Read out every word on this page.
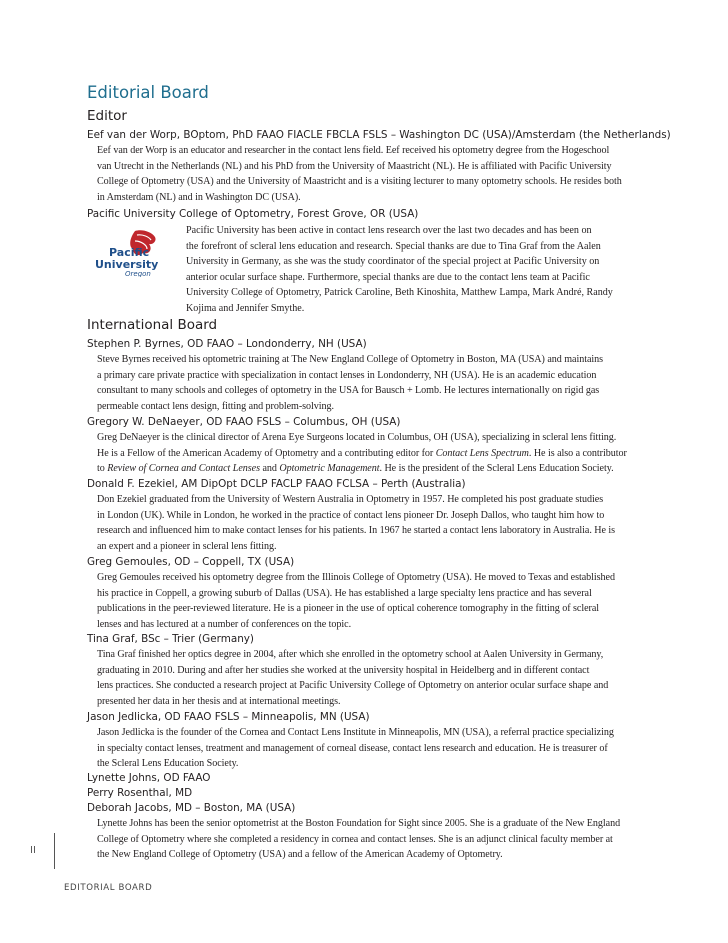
Editorial Board
Editor
Eef van der Worp, BOptom, PhD FAAO FIACLE FBCLA FSLS – Washington DC (USA)/Amsterdam (the Netherlands)
Eef van der Worp is an educator and researcher in the contact lens field. Eef received his optometry degree from the Hogeschool
van Utrecht in the Netherlands (NL) and his PhD from the University of Maastricht (NL). He is affiliated with Pacific University
College of Optometry (USA) and the University of Maastricht and is a visiting lecturer to many optometry schools. He resides both
in Amsterdam (NL) and in Washington DC (USA).
Pacific University College of Optometry, Forest Grove, OR (USA)
Pacific
University
Oregon
Pacific University has been active in contact lens research over the last two decades and has been on
the forefront of scleral lens education and research. Special thanks are due to Tina Graf from the Aalen
University in Germany, as she was the study coordinator of the special project at Pacific University on
anterior ocular surface shape. Furthermore, special thanks are due to the contact lens team at Pacific
University College of Optometry, Patrick Caroline, Beth Kinoshita, Matthew Lampa, Mark André, Randy
Kojima and Jennifer Smythe.
International Board
Stephen P. Byrnes, OD FAAO – Londonderry, NH (USA)
Steve Byrnes received his optometric training at The New England College of Optometry in Boston, MA (USA) and maintains
a primary care private practice with specialization in contact lenses in Londonderry, NH (USA). He is an academic education
consultant to many schools and colleges of optometry in the USA for Bausch + Lomb. He lectures internationally on rigid gas
permeable contact lens design, fitting and problem-solving.
Gregory W. DeNaeyer, OD FAAO FSLS – Columbus, OH (USA)
Greg DeNaeyer is the clinical director of Arena Eye Surgeons located in Columbus, OH (USA), specializing in scleral lens fitting.
He is a Fellow of the American Academy of Optometry and a contributing editor for Contact Lens Spectrum. He is also a contributor
to Review of Cornea and Contact Lenses and Optometric Management. He is the president of the Scleral Lens Education Society.
Donald F. Ezekiel, AM DipOpt DCLP FACLP FAAO FCLSA – Perth (Australia)
Don Ezekiel graduated from the University of Western Australia in Optometry in 1957. He completed his post graduate studies
in London (UK). While in London, he worked in the practice of contact lens pioneer Dr. Joseph Dallos, who taught him how to
research and influenced him to make contact lenses for his patients. In 1967 he started a contact lens laboratory in Australia. He is
an expert and a pioneer in scleral lens fitting.
Greg Gemoules, OD – Coppell, TX (USA)
Greg Gemoules received his optometry degree from the Illinois College of Optometry (USA). He moved to Texas and established
his practice in Coppell, a growing suburb of Dallas (USA). He has established a large specialty lens practice and has several
publications in the peer-reviewed literature. He is a pioneer in the use of optical coherence tomography in the fitting of scleral
lenses and has lectured at a number of conferences on the topic.
Tina Graf, BSc – Trier (Germany)
Tina Graf finished her optics degree in 2004, after which she enrolled in the optometry school at Aalen University in Germany,
graduating in 2010. During and after her studies she worked at the university hospital in Heidelberg and in different contact
lens practices. She conducted a research project at Pacific University College of Optometry on anterior ocular surface shape and
presented her data in her thesis and at international meetings.
Jason Jedlicka, OD FAAO FSLS – Minneapolis, MN (USA)
Jason Jedlicka is the founder of the Cornea and Contact Lens Institute in Minneapolis, MN (USA), a referral practice specializing
in specialty contact lenses, treatment and management of corneal disease, contact lens research and education. He is treasurer of
the Scleral Lens Education Society.
Lynette Johns, OD FAAO
Perry Rosenthal, MD
Deborah Jacobs, MD – Boston, MA (USA)
Lynette Johns has been the senior optometrist at the Boston Foundation for Sight since 2005. She is a graduate of the New England
College of Optometry where she completed a residency in cornea and contact lenses. She is an adjunct clinical faculty member at
the New England College of Optometry (USA) and a fellow of the American Academy of Optometry.
II
EDITORIAL BOARD
